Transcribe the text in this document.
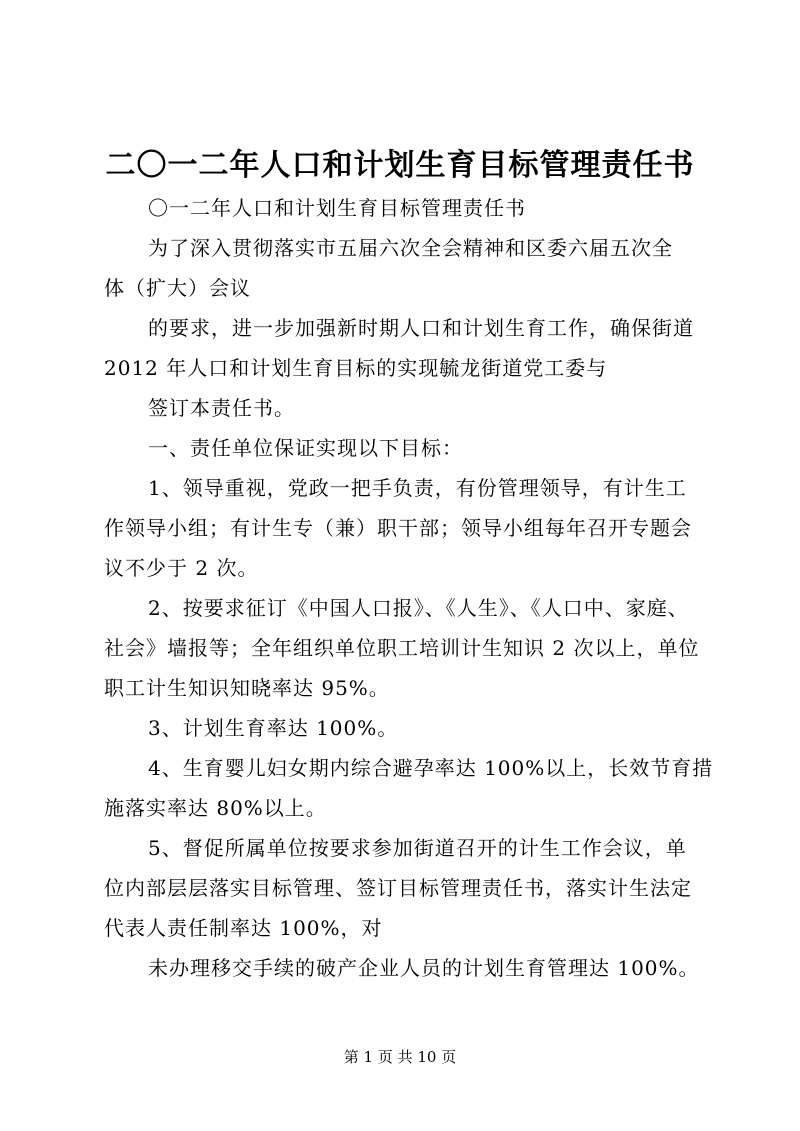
二〇一二年人口和计划生育目标管理责任书
〇一二年人口和计划生育目标管理责任书
为了深入贯彻落实市五届六次全会精神和区委六届五次全
体（扩大）会议
的要求，进一步加强新时期人口和计划生育工作，确保街道
2012 年人口和计划生育目标的实现毓龙街道党工委与
签订本责任书。
一、责任单位保证实现以下目标：
1、领导重视，党政一把手负责，有份管理领导，有计生工
作领导小组；有计生专（兼）职干部；领导小组每年召开专题会
议不少于 2 次。
2、按要求征订《中国人口报》、《人生》、《人口中、家庭、
社会》墙报等；全年组织单位职工培训计生知识 2 次以上，单位
职工计生知识知晓率达 95%。
3、计划生育率达 100%。
4、生育婴儿妇女期内综合避孕率达 100%以上，长效节育措
施落实率达 80%以上。
5、督促所属单位按要求参加街道召开的计生工作会议，单
位内部层层落实目标管理、签订目标管理责任书，落实计生法定
代表人责任制率达 100%，对
未办理移交手续的破产企业人员的计划生育管理达 100%。
第 1 页 共 10 页
